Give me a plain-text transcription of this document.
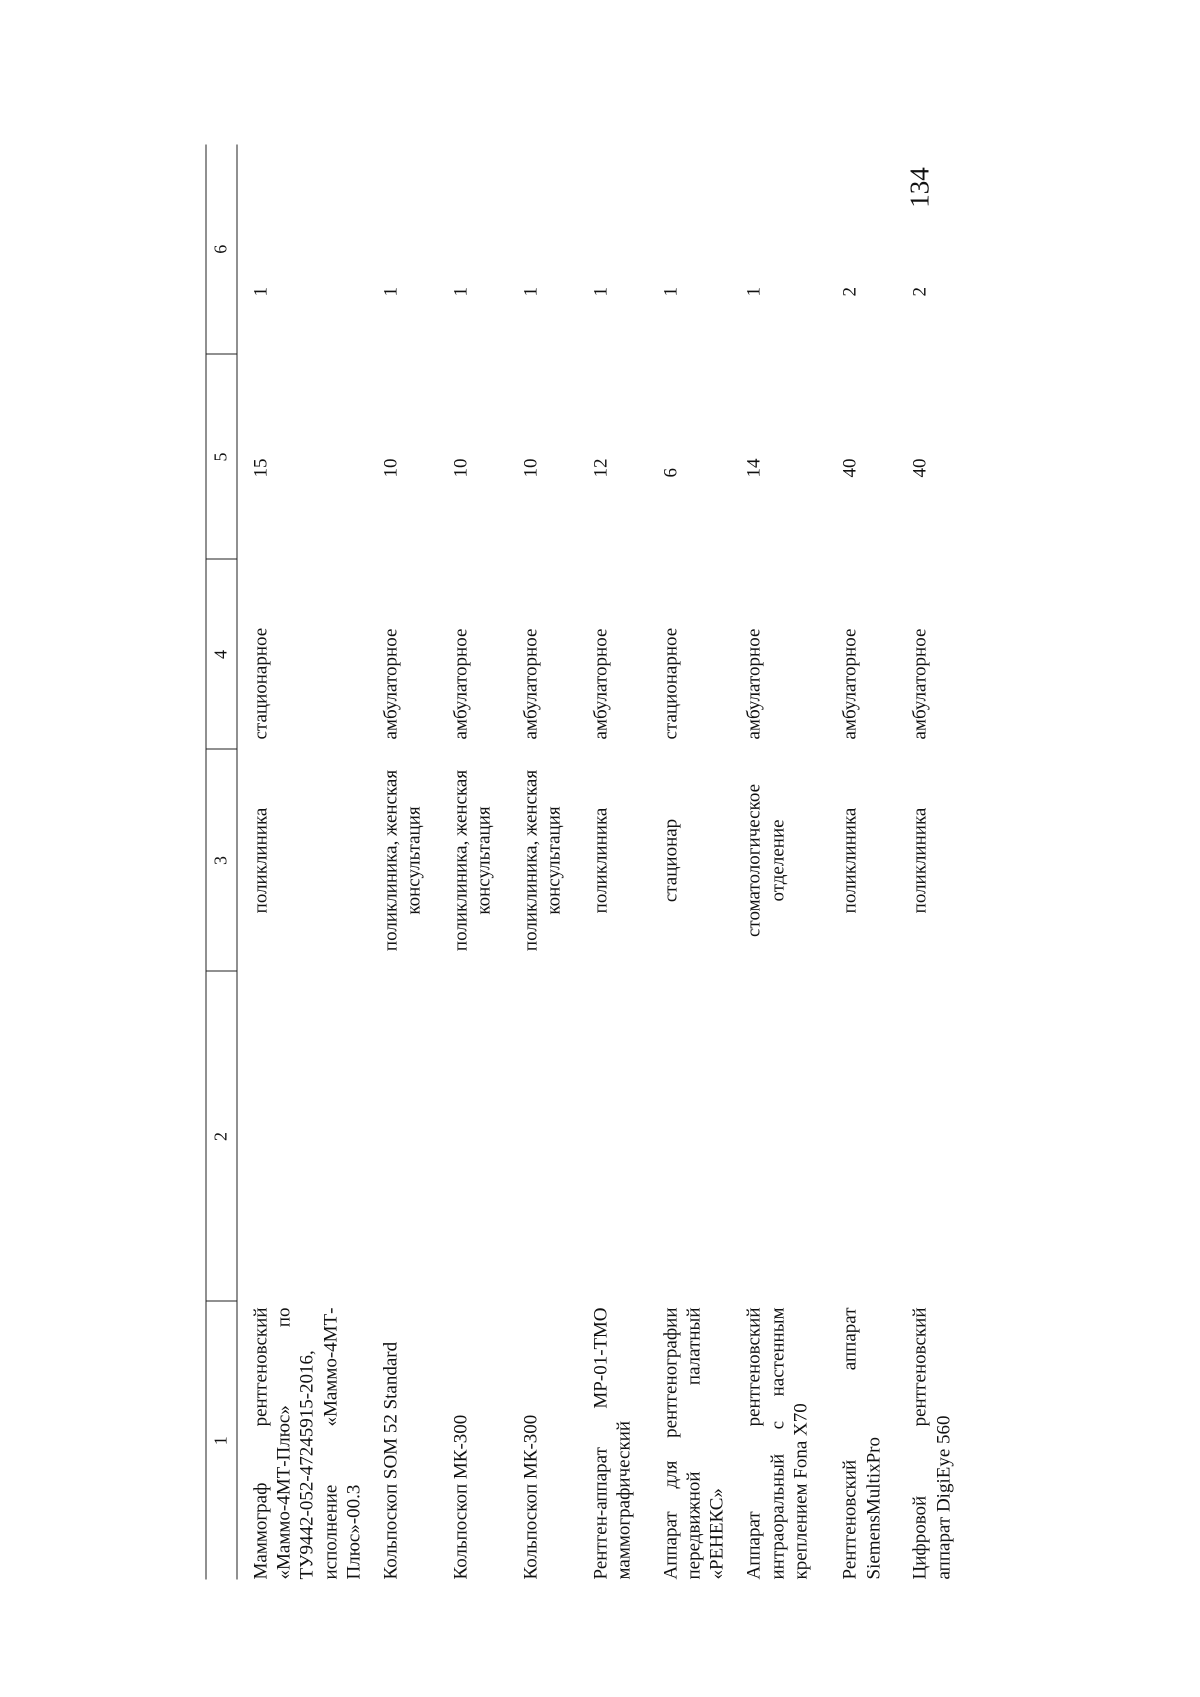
134
1	2	3	4	5	6
Маммограф рентгеновский «Маммо-4МТ-Плюс» по ТУ9442-052-47245915-2016, исполнение «Маммо-4МТ-Плюс»-00.3		поликлиника	стационарное	15	1
Кольпоскоп SOM 52 Standard		поликлиника, женская консультация	амбулаторное	10	1
Кольпоскоп МК-300		поликлиника, женская консультация	амбулаторное	10	1
Кольпоскоп МК-300		поликлиника, женская консультация	амбулаторное	10	1
Рентген-аппарат МР-01-ТМО маммографический		поликлиника	амбулаторное	12	1
Аппарат для рентгенографии передвижной палатный «РЕНЕКС»		стационар	стационарное	6	1
Аппарат рентгеновский интраоральный с настенным креплением Fona X70		стоматологическое отделение	амбулаторное	14	1
Рентгеновский аппарат SiemensMultixPro		поликлиника	амбулаторное	40	2
Цифровой рентгеновский аппарат DigiEye 560		поликлиника	амбулаторное	40	2
